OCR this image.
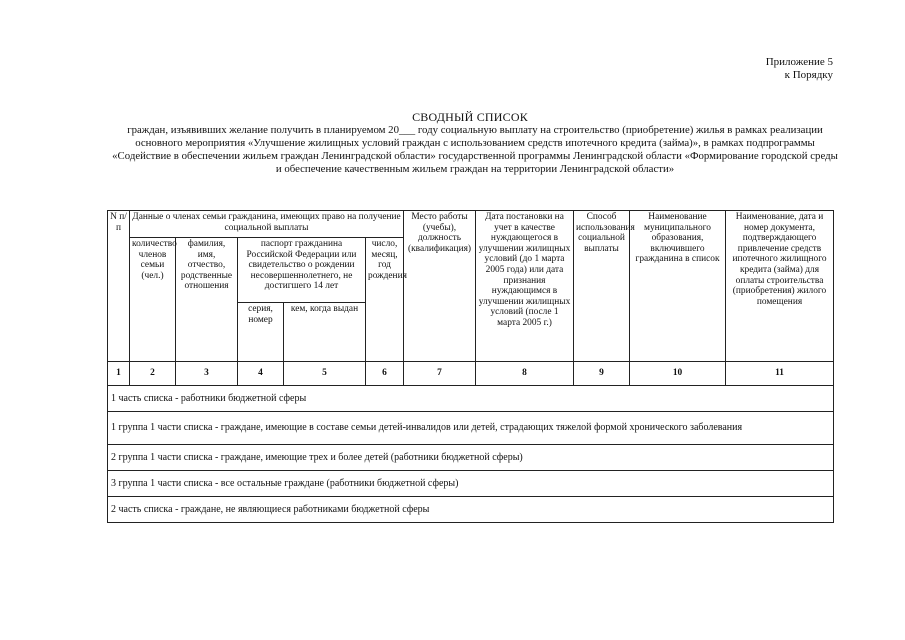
Приложение 5
к Порядку
СВОДНЫЙ СПИСОК
граждан, изъявивших желание получить в планируемом 20___ году социальную выплату на строительство (приобретение) жилья в рамках реализации основного мероприятия «Улучшение жилищных условий граждан с использованием средств ипотечного кредита (займа)», в рамках подпрограммы «Содействие в обеспечении жильем граждан Ленинградской области» государственной программы Ленинградской области «Формирование городской среды и обеспечение качественным жильем граждан на территории Ленинградской области»
N п/п	Данные о членах семьи гражданина, имеющих право на получение социальной выплаты					Место работы (учебы), должность (квалификация)	Дата постановки на учет в качестве нуждающегося в улучшении жилищных условий (до 1 марта 2005 года) или дата признания нуждающимся в улучшении жилищных условий (после 1 марта 2005 г.)	Способ использования социальной выплаты	Наименование муниципального образования, включившего гражданина в список	Наименование, дата и номер документа, подтверждающего привлечение средств ипотечного жилищного кредита (займа) для оплаты строительства (приобретения) жилого помещения
	количество членов семьи (чел.)	фамилия, имя, отчество, родственные отношения	паспорт гражданина Российской Федерации или свидетельство о рождении несовершеннолетнего, не достигшего 14 лет		число, месяц, год рождения					
			серия, номер	кем, когда выдан						
1	2	3	4	5	6	7	8	9	10	11
1 часть списка - работники бюджетной сферы										
1 группа 1 части списка - граждане, имеющие в составе семьи детей-инвалидов или детей, страдающих тяжелой формой хронического заболевания										
2 группа 1 части списка - граждане, имеющие трех и более детей (работники бюджетной сферы)										
3 группа 1 части списка - все остальные граждане (работники бюджетной сферы)										
2 часть списка - граждане, не являющиеся работниками бюджетной сферы										
